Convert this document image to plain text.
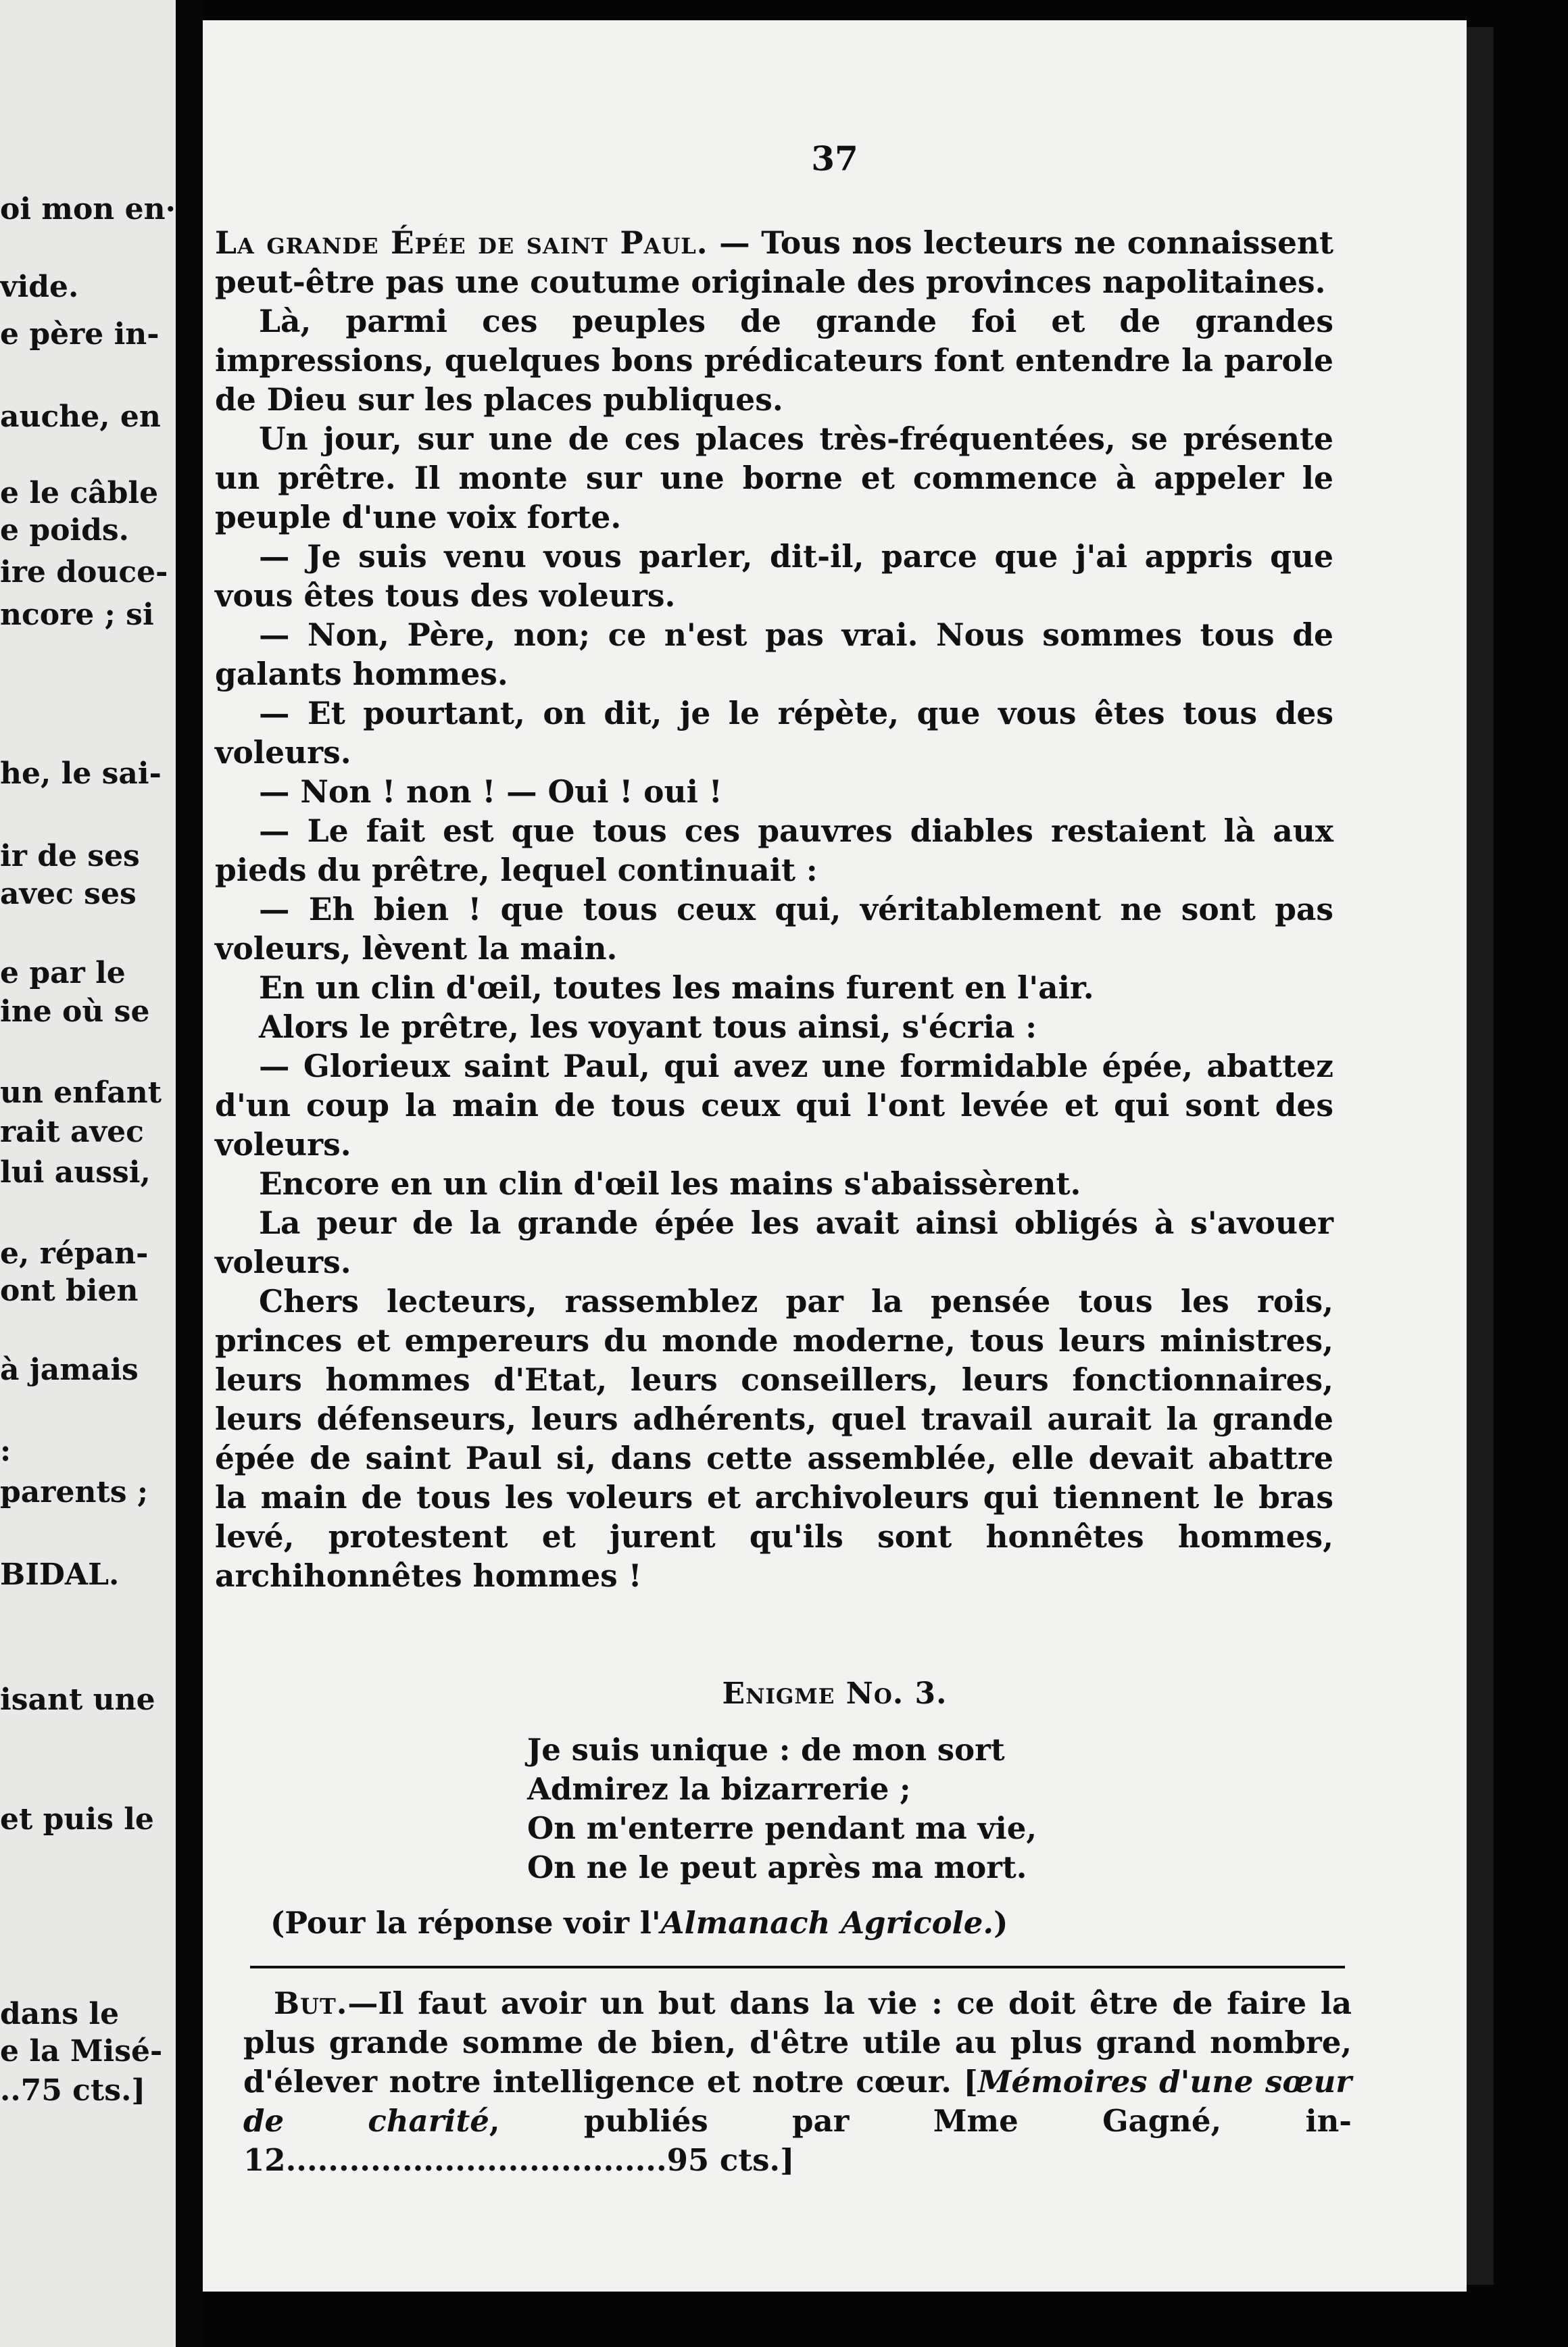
oi mon en·
vide.
e père in-
auche, en
e le câble
e poids.
ire douce-
ncore ; si
he, le sai-
ir de ses
avec ses
e par le
ine où se
un enfant
rait avec
lui aussi,
e, répan-
ont bien
à jamais
:
parents ;
BIDAL.
isant une
et puis le
dans le
e la Misé-
..75 cts.]
37

La grande Épée de saint Paul. — Tous nos lecteurs ne connaissent peut-être pas une coutume originale des provinces napolitaines.

Là, parmi ces peuples de grande foi et de grandes impressions, quelques bons prédicateurs font entendre la parole de Dieu sur les places publiques.

Un jour, sur une de ces places très-fréquentées, se présente un prêtre. Il monte sur une borne et commence à appeler le peuple d'une voix forte.

— Je suis venu vous parler, dit-il, parce que j'ai appris que vous êtes tous des voleurs.

— Non, Père, non; ce n'est pas vrai. Nous sommes tous de galants hommes.

— Et pourtant, on dit, je le répète, que vous êtes tous des voleurs.

— Non ! non ! — Oui ! oui !

— Le fait est que tous ces pauvres diables restaient là aux pieds du prêtre, lequel continuait :

— Eh bien ! que tous ceux qui, véritablement ne sont pas voleurs, lèvent la main.

En un clin d'œil, toutes les mains furent en l'air.

Alors le prêtre, les voyant tous ainsi, s'écria :

— Glorieux saint Paul, qui avez une formidable épée, abattez d'un coup la main de tous ceux qui l'ont levée et qui sont des voleurs.

Encore en un clin d'œil les mains s'abaissèrent.

La peur de la grande épée les avait ainsi obligés à s'avouer voleurs.

Chers lecteurs, rassemblez par la pensée tous les rois, princes et empereurs du monde moderne, tous leurs ministres, leurs hommes d'Etat, leurs conseillers, leurs fonctionnaires, leurs défenseurs, leurs adhérents, quel travail aurait la grande épée de saint Paul si, dans cette assemblée, elle devait abattre la main de tous les voleurs et archivoleurs qui tiennent le bras levé, protestent et jurent qu'ils sont honnêtes hommes, archihonnêtes hommes !

Enigme No. 3.
Je suis unique : de mon sort
Admirez la bizarrerie ;
On m'enterre pendant ma vie,
On ne le peut après ma mort.
(Pour la réponse voir l'Almanach Agricole.)
But.—Il faut avoir un but dans la vie : ce doit être de faire la plus grande somme de bien, d'être utile au plus grand nombre, d'élever notre intelligence et notre cœur. [Mémoires d'une sœur de charité, publiés par Mme Gagné, in-12....................................95 cts.]
